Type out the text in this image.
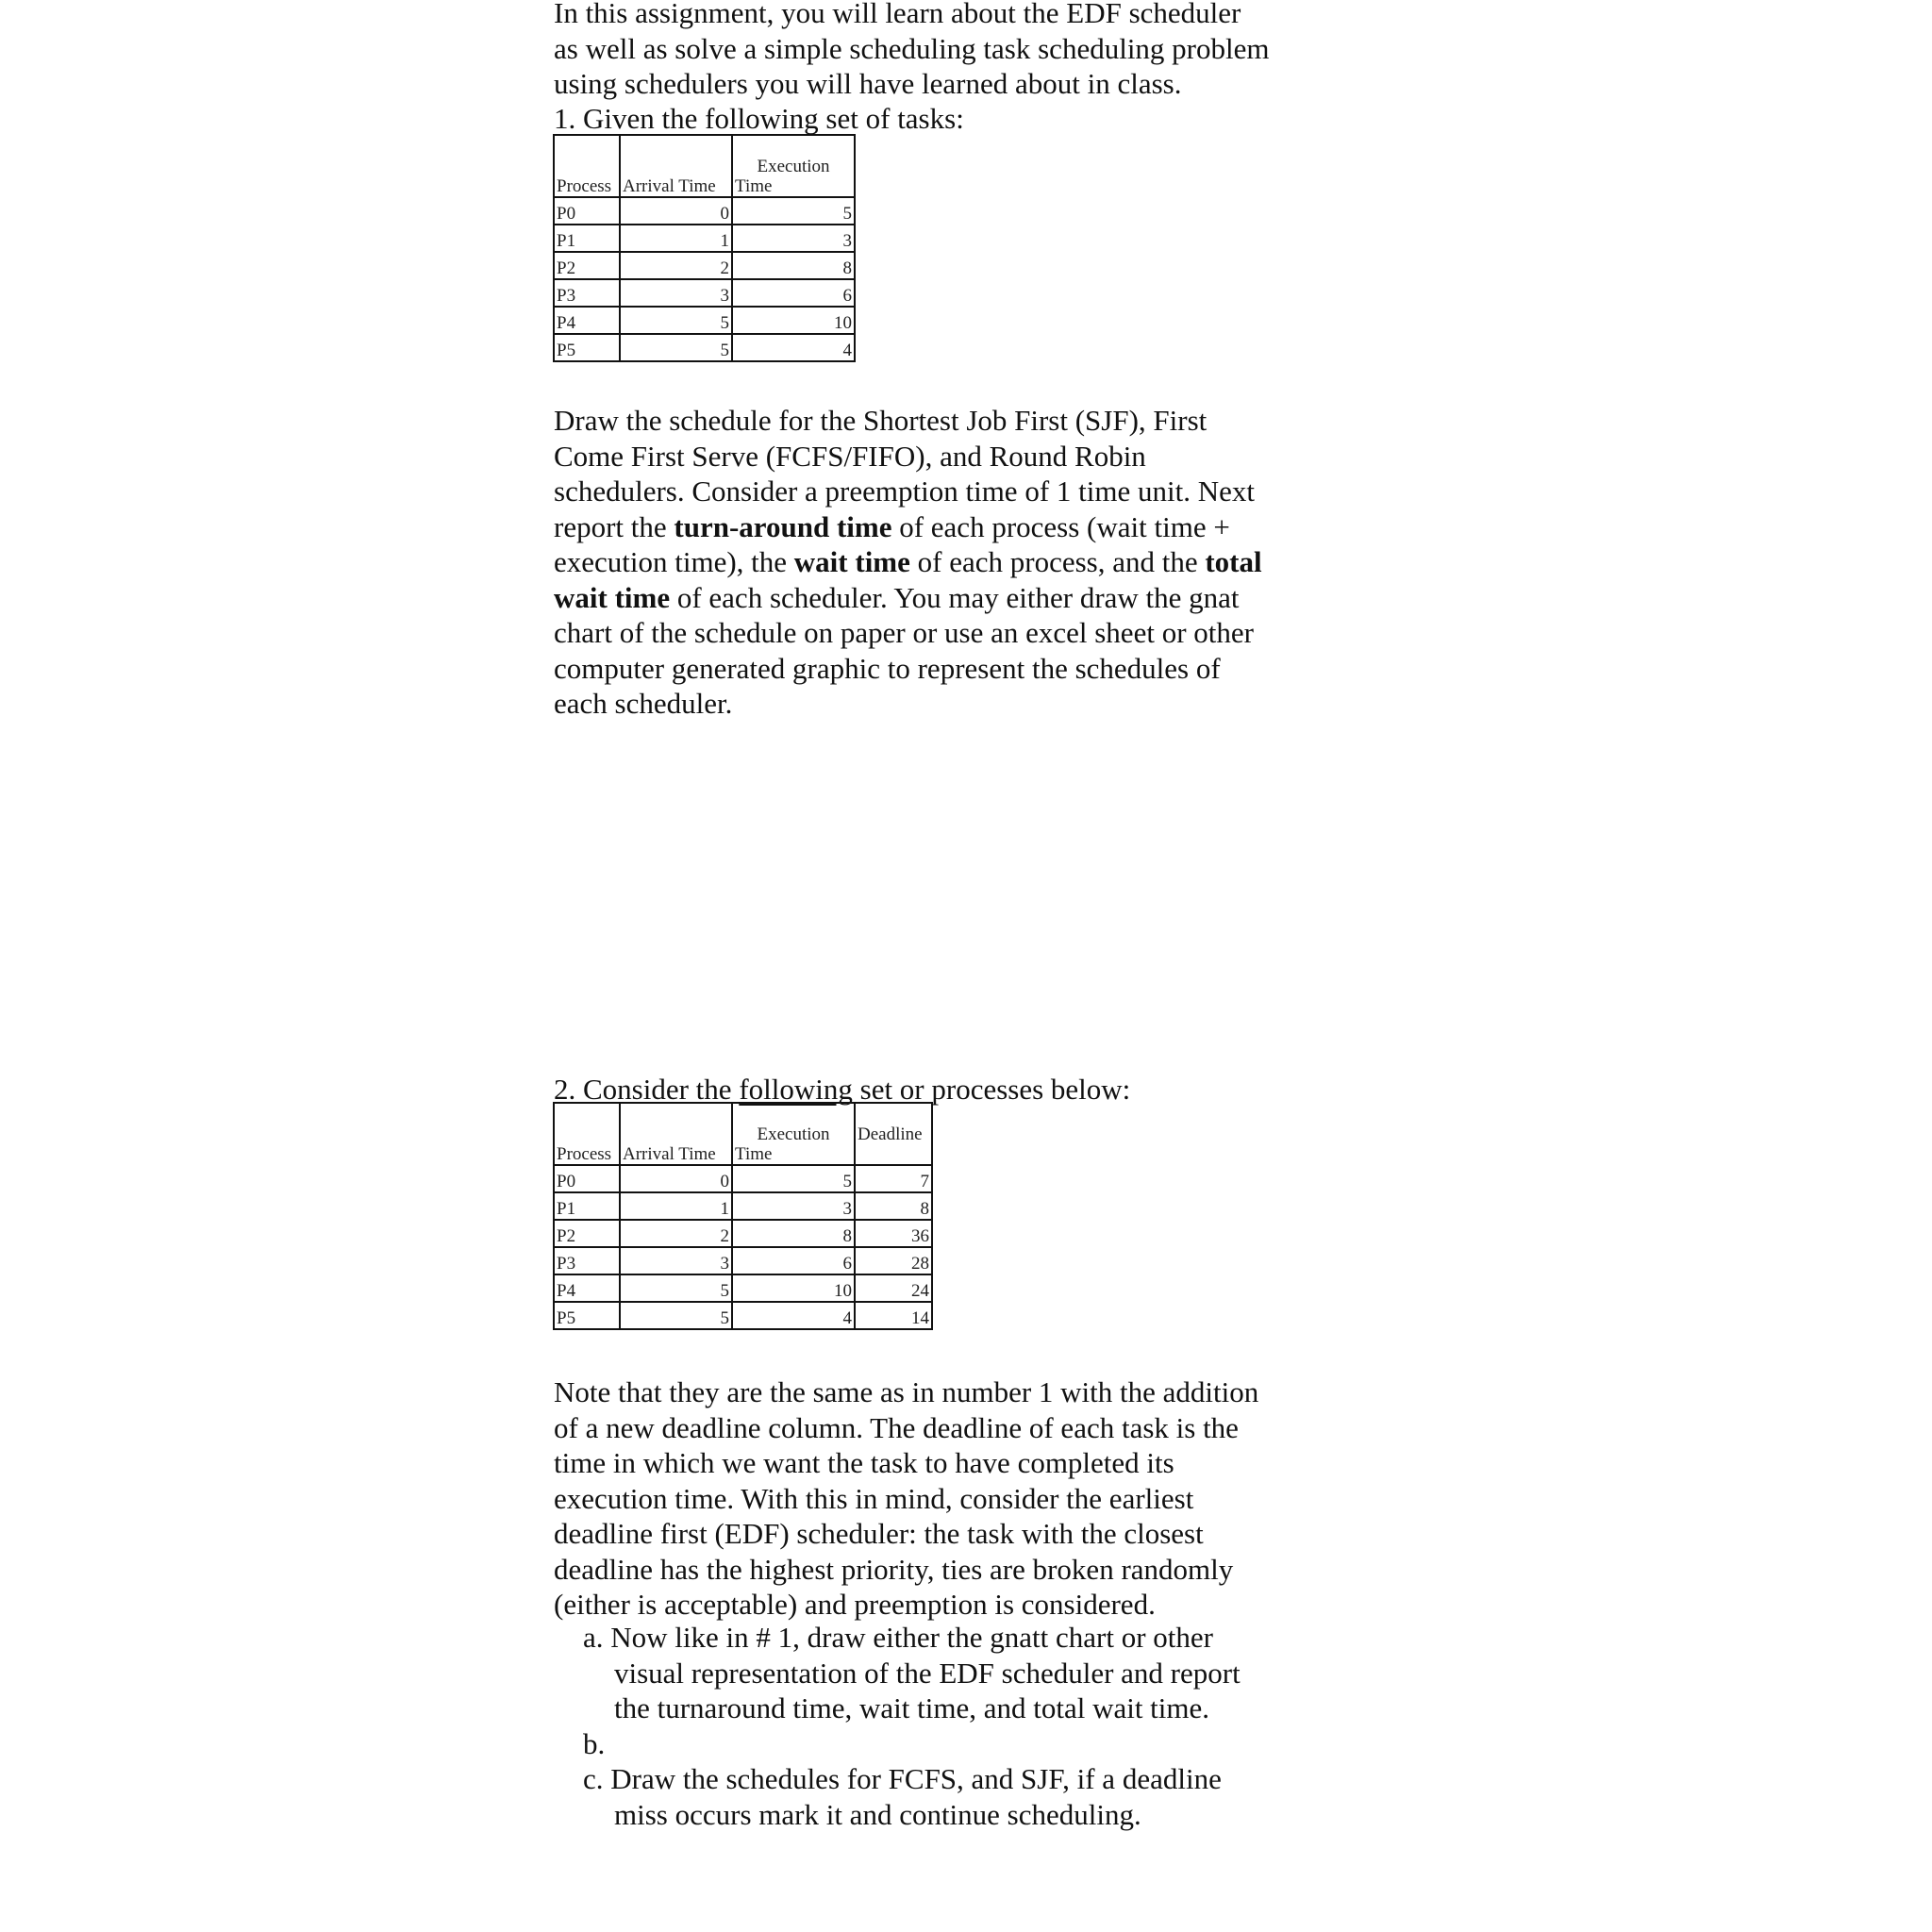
In this assignment, you will learn about the EDF scheduler
as well as solve a simple scheduling task scheduling problem
using schedulers you will have learned about in class.
1. Given the following set of tasks:
Process	Arrival Time	Execution
Time

P0	0	5
P1	1	3
P2	2	8
P3	3	6
P4	5	10
P5	5	4
Draw the schedule for the Shortest Job First (SJF), First
Come First Serve (FCFS/FIFO), and Round Robin
schedulers. Consider a preemption time of 1 time unit. Next
report the turn-around time of each process (wait time +
execution time), the wait time of each process, and the total
wait time of each scheduler. You may either draw the gnat
chart of the schedule on paper or use an excel sheet or other
computer generated graphic to represent the schedules of
each scheduler.
2. Consider the following set or processes below:
Process	Arrival Time	Execution
Time	Deadline
P0	0	5	7
P1	1	3	8
P2	2	8	36
P3	3	6	28
P4	5	10	24
P5	5	4	14
Note that they are the same as in number 1 with the addition
of a new deadline column. The deadline of each task is the
time in which we want the task to have completed its
execution time. With this in mind, consider the earliest
deadline first (EDF) scheduler: the task with the closest
deadline has the highest priority, ties are broken randomly
(either is acceptable) and preemption is considered.
a. Now like in # 1, draw either the gnatt chart or other
visual representation of the EDF scheduler and report
the turnaround time, wait time, and total wait time.
b.
c. Draw the schedules for FCFS, and SJF, if a deadline
miss occurs mark it and continue scheduling.
